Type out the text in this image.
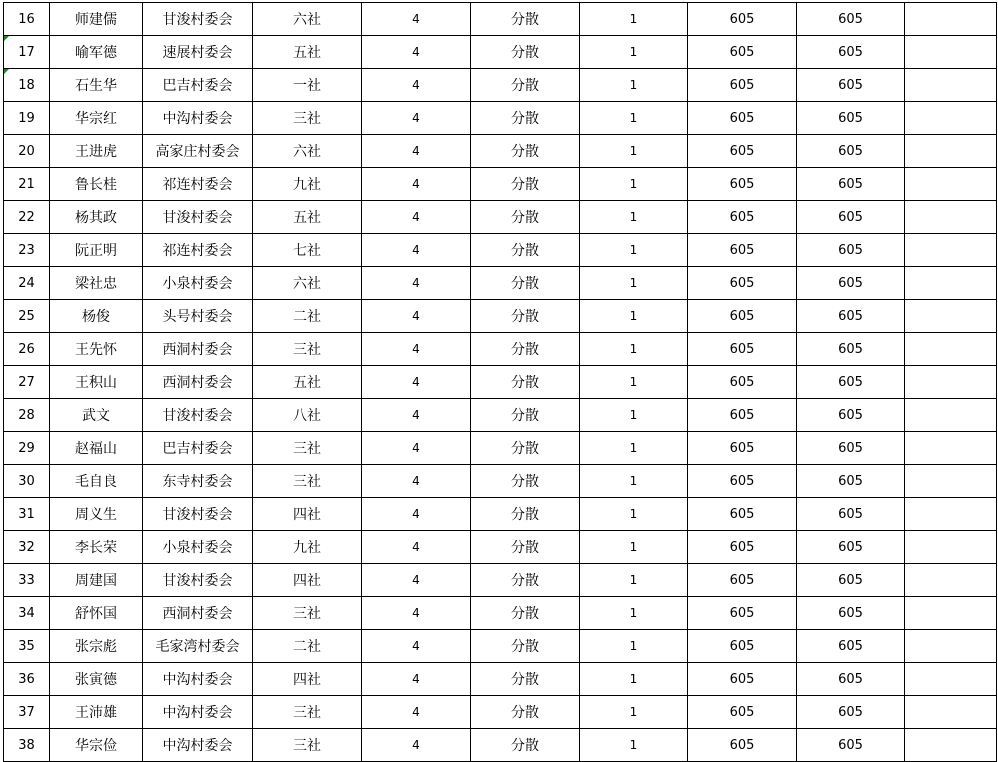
16	师建儒	甘浚村委会	六社	4	分散	1	605	605	

17	喻军德	速展村委会	五社	4	分散	1	605	605	

18	石生华	巴吉村委会	一社	4	分散	1	605	605	
19	华宗红	中沟村委会	三社	4	分散	1	605	605	
20	王进虎	高家庄村委会	六社	4	分散	1	605	605	
21	鲁长桂	祁连村委会	九社	4	分散	1	605	605	
22	杨其政	甘浚村委会	五社	4	分散	1	605	605	
23	阮正明	祁连村委会	七社	4	分散	1	605	605	
24	梁社忠	小泉村委会	六社	4	分散	1	605	605	
25	杨俊	头号村委会	二社	4	分散	1	605	605	
26	王先怀	西洞村委会	三社	4	分散	1	605	605	
27	王积山	西洞村委会	五社	4	分散	1	605	605	
28	武文	甘浚村委会	八社	4	分散	1	605	605	
29	赵福山	巴吉村委会	三社	4	分散	1	605	605	
30	毛自良	东寺村委会	三社	4	分散	1	605	605	
31	周义生	甘浚村委会	四社	4	分散	1	605	605	
32	李长荣	小泉村委会	九社	4	分散	1	605	605	
33	周建国	甘浚村委会	四社	4	分散	1	605	605	
34	舒怀国	西洞村委会	三社	4	分散	1	605	605	
35	张宗彪	毛家湾村委会	二社	4	分散	1	605	605	
36	张寅德	中沟村委会	四社	4	分散	1	605	605	
37	王沛雄	中沟村委会	三社	4	分散	1	605	605	
38	华宗俭	中沟村委会	三社	4	分散	1	605	605	
